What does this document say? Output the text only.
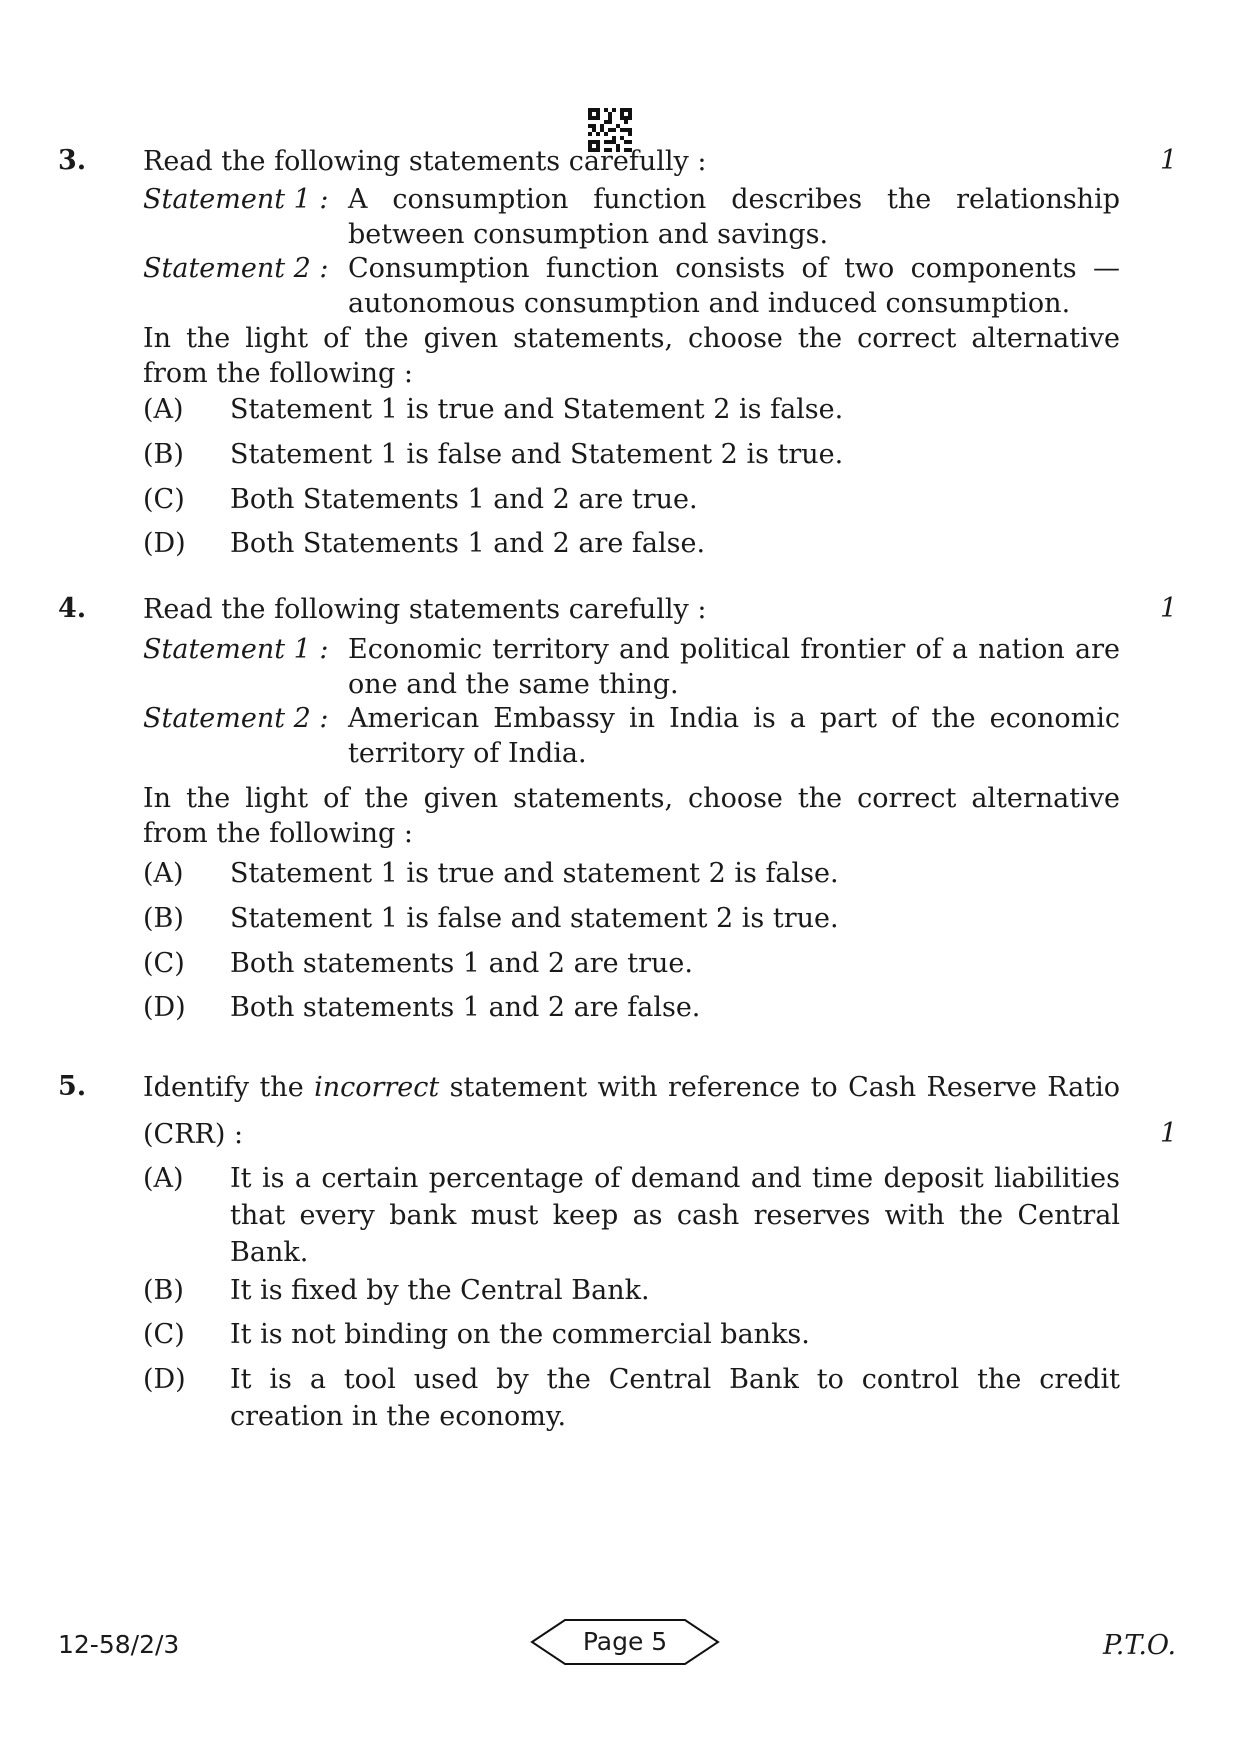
3.	1
Read the following statements carefully :
Statement 1 : A consumption function describes the relationship between consumption and savings.
Statement 2 : Consumption function consists of two components — autonomous consumption and induced consumption.
In the light of the given statements, choose the correct alternative from the following :
(A) Statement 1 is true and Statement 2 is false.
(B) Statement 1 is false and Statement 2 is true.
(C) Both Statements 1 and 2 are true.
(D) Both Statements 1 and 2 are false.
4.	1
Read the following statements carefully :
Statement 1 : Economic territory and political frontier of a nation are one and the same thing.
Statement 2 : American Embassy in India is a part of the economic territory of India.
In the light of the given statements, choose the correct alternative from the following :
(A) Statement 1 is true and statement 2 is false.
(B) Statement 1 is false and statement 2 is true.
(C) Both statements 1 and 2 are true.
(D) Both statements 1 and 2 are false.
5. Identify the incorrect statement with reference to Cash Reserve Ratio
(CRR) :	1
(A) It is a certain percentage of demand and time deposit liabilities that every bank must keep as cash reserves with the Central Bank.
(B) It is fixed by the Central Bank.
(C) It is not binding on the commercial banks.
(D) It is a tool used by the Central Bank to control the credit creation in the economy.
12-58/2/3	Page 5	P.T.O.
